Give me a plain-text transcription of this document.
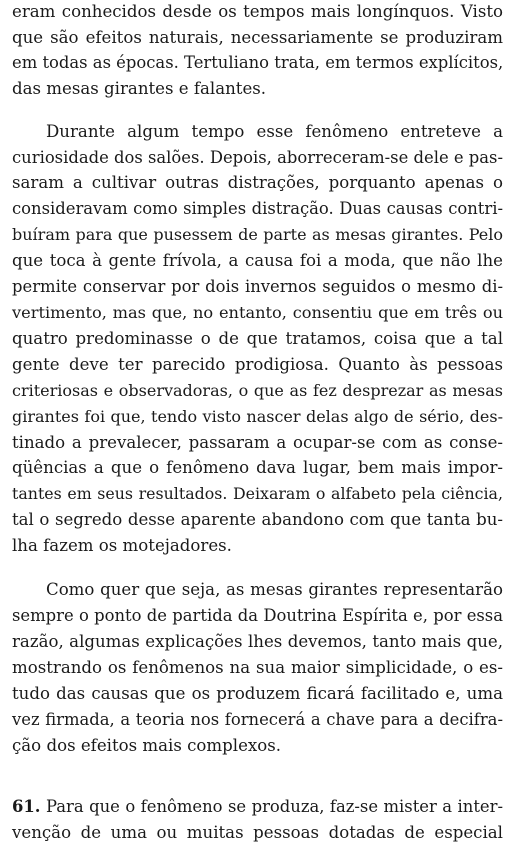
eram conhecidos desde os tempos mais longínquos. Visto
que são efeitos naturais, necessariamente se produziram
em todas as épocas. Tertuliano trata, em termos explícitos,
das mesas girantes e falantes.
Durante algum tempo esse fenômeno entreteve a
curiosidade dos salões. Depois, aborreceram-se dele e pas-
saram a cultivar outras distrações, porquanto apenas o
consideravam como simples distração. Duas causas contri-
buíram para que pusessem de parte as mesas girantes. Pelo
que toca à gente frívola, a causa foi a moda, que não lhe
permite conservar por dois invernos seguidos o mesmo di-
vertimento, mas que, no entanto, consentiu que em três ou
quatro predominasse o de que tratamos, coisa que a tal
gente deve ter parecido prodigiosa. Quanto às pessoas
criteriosas e observadoras, o que as fez desprezar as mesas
girantes foi que, tendo visto nascer delas algo de sério, des-
tinado a prevalecer, passaram a ocupar-se com as conse-
qüências a que o fenômeno dava lugar, bem mais impor-
tantes em seus resultados. Deixaram o alfabeto pela ciência,
tal o segredo desse aparente abandono com que tanta bu-
lha fazem os motejadores.
Como quer que seja, as mesas girantes representarão
sempre o ponto de partida da Doutrina Espírita e, por essa
razão, algumas explicações lhes devemos, tanto mais que,
mostrando os fenômenos na sua maior simplicidade, o es-
tudo das causas que os produzem ficará facilitado e, uma
vez firmada, a teoria nos fornecerá a chave para a decifra-
ção dos efeitos mais complexos.
61. Para que o fenômeno se produza, faz-se mister a inter-
venção de uma ou muitas pessoas dotadas de especial
